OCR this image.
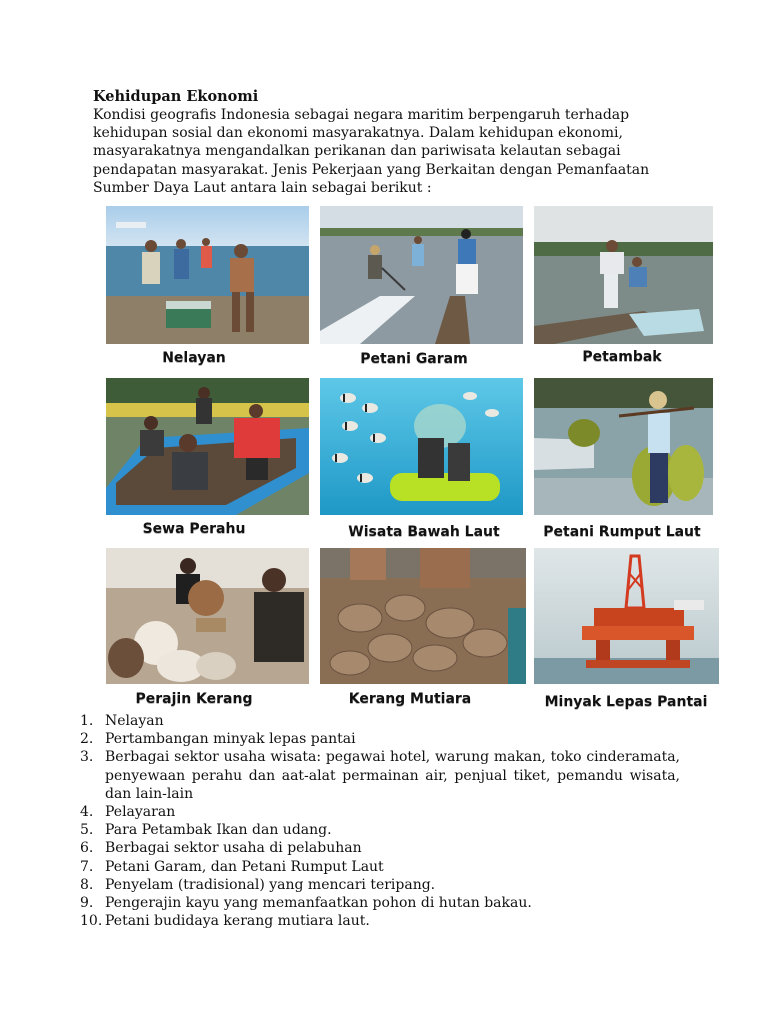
Kehidupan Ekonomi

Kondisi geografis Indonesia sebagai negara maritim berpengaruh terhadap
kehidupan sosial dan ekonomi masyarakatnya. Dalam kehidupan ekonomi,
masyarakatnya mengandalkan perikanan dan pariwisata kelautan sebagai
pendapatan masyarakat. Jenis Pekerjaan yang Berkaitan dengan Pemanfaatan
Sumber Daya Laut antara lain sebagai berikut :

Nelayan	Petani Garam	Petambak
Sewa Perahu	Wisata Bawah Laut	Petani Rumput Laut
Perajin Kerang	Kerang Mutiara	Minyak Lepas Pantai
1. Nelayan
2. Pertambangan minyak lepas pantai
3. Berbagai sektor usaha wisata: pegawai hotel, warung makan, toko cinderamata, penyewaan perahu dan aat-alat permainan air, penjual tiket, pemandu wisata, dan lain-lain
4. Pelayaran
5. Para Petambak Ikan dan udang.
6. Berbagai sektor usaha di pelabuhan
7. Petani Garam, dan Petani Rumput Laut
8. Penyelam (tradisional) yang mencari teripang.
9. Pengerajin kayu yang memanfaatkan pohon di hutan bakau.
10. Petani budidaya kerang mutiara laut.
